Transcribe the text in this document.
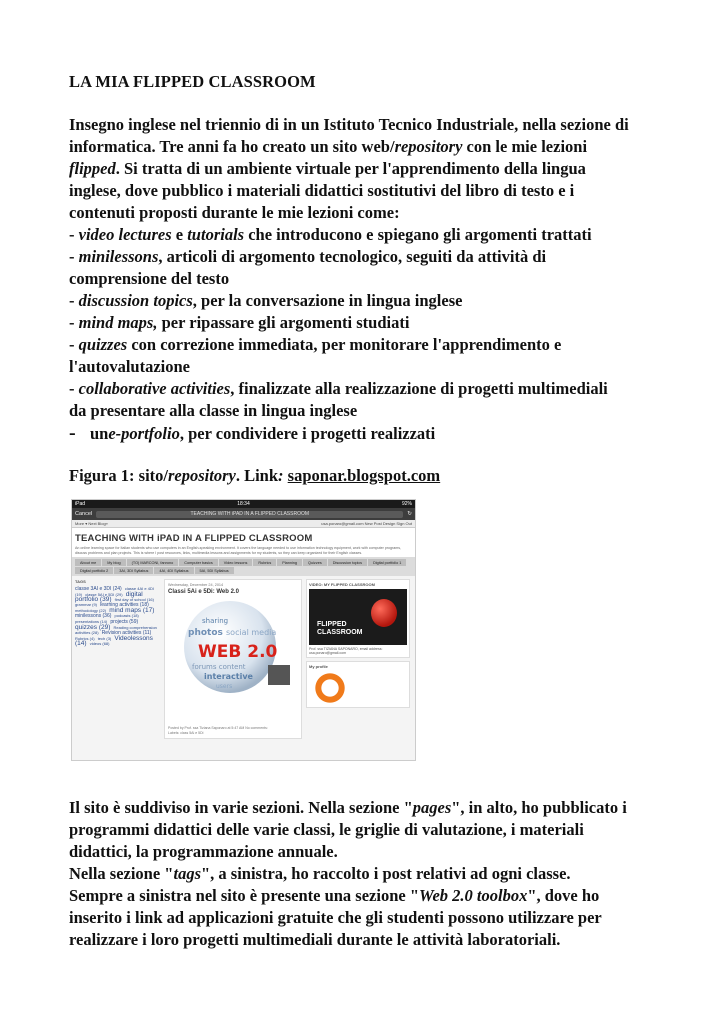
LA MIA FLIPPED CLASSROOM

Insegno inglese nel triennio di in un Istituto Tecnico Industriale, nella sezione di

informatica. Tre anni fa ho creato un sito web/repository con le mie lezioni

flipped. Si tratta di un ambiente virtuale per l'apprendimento della lingua

inglese, dove pubblico i materiali didattici sostitutivi del libro di testo e i

contenuti proposti durante le mie lezioni come:

- video lectures e tutorials che introducono e spiegano gli argomenti trattati

- minilessons, articoli di argomento tecnologico, seguiti da attività di

comprensione del testo

- discussion topics, per la conversazione in lingua inglese

- mind maps, per ripassare gli argomenti studiati

- quizzes con correzione immediata, per monitorare l'apprendimento e

l'autovalutazione

- collaborative activities, finalizzate alla realizzazione di progetti multimediali

da presentare alla classe in lingua inglese

- un e-portfolio , per condividere i progetti realizzati

Figura 1: sito/repository. Link: saponar.blogspot.com

Il sito è suddiviso in varie sezioni. Nella sezione "pages", in alto, ho pubblicato i

programmi didattici delle varie classi, le griglie di valutazione, i materiali

didattici, la programmazione annuale.

Nella sezione "tags", a sinistra, ho raccolto i post relativi ad ogni classe.

Sempre a sinistra nel sito è presente una sezione "Web 2.0 toolbox", dove ho

inserito i link ad applicazioni gratuite che gli studenti possono utilizzare per

realizzare i loro progetti multimediali durante le attività laboratoriali.

iPad	18:34	92%
Cancel	TEACHING WITH iPAD IN A FLIPPED CLASSROOM	↻
More ▾ Next Blog»	usa.ponaro@gmail.com New Post Design Sign Out
TEACHING WITH iPAD IN A FLIPPED CLASSROOM
An online learning space for Italian students who use computers in an English-speaking environment. It covers the language needed to use information technology equipment, work with computer programs, discuss problems and plan projects. This is where I post resources, links, multimedia lessons and assignments for my students, so they can keep organized for their English classes.
About me	My blog	(TO) MARCONI, fanrono	Computer basics	Video lessons	Rubrics	Planning	Quizzes	Discussion topics	Digital portfolio 1
Digital portfolio 2	3AI, 3DI Syllabus	4AI, 4DI Syllabus	5AI, 5DI Syllabus
TAGS
classe 3AI e 3DI (24) classe 4AI e 4DI (19) classe 5AI e 5DI (29) digital portfolio (39) first day of school (16) grammar (9) learning activities (18) methodology (22) mind maps (17) minilessons (36) podcasts (18) presentations (14) projects (59) quizzes (29) Reading comprehension activities (28) Revision activities (11) Rubrics (4) tech (3) Videolessons (14) videos (68)
Wednesday, December 24, 2014
Classi 5Ai e 5Di: Web 2.0
sharing
photos social media
WEB 2.0
forums content
interactive
users
Posted by Prof. ssa Tiziana Saponaro at 5:47 AM No comments:
Labels: class 5Ai e 5Di
VIDEO: MY FLIPPED CLASSROOM
FLIPPED
CLASSROOM
Prof. ssa TIZIANA SAPONARO, email address: usa.ponaro@gmail.com
My profile
